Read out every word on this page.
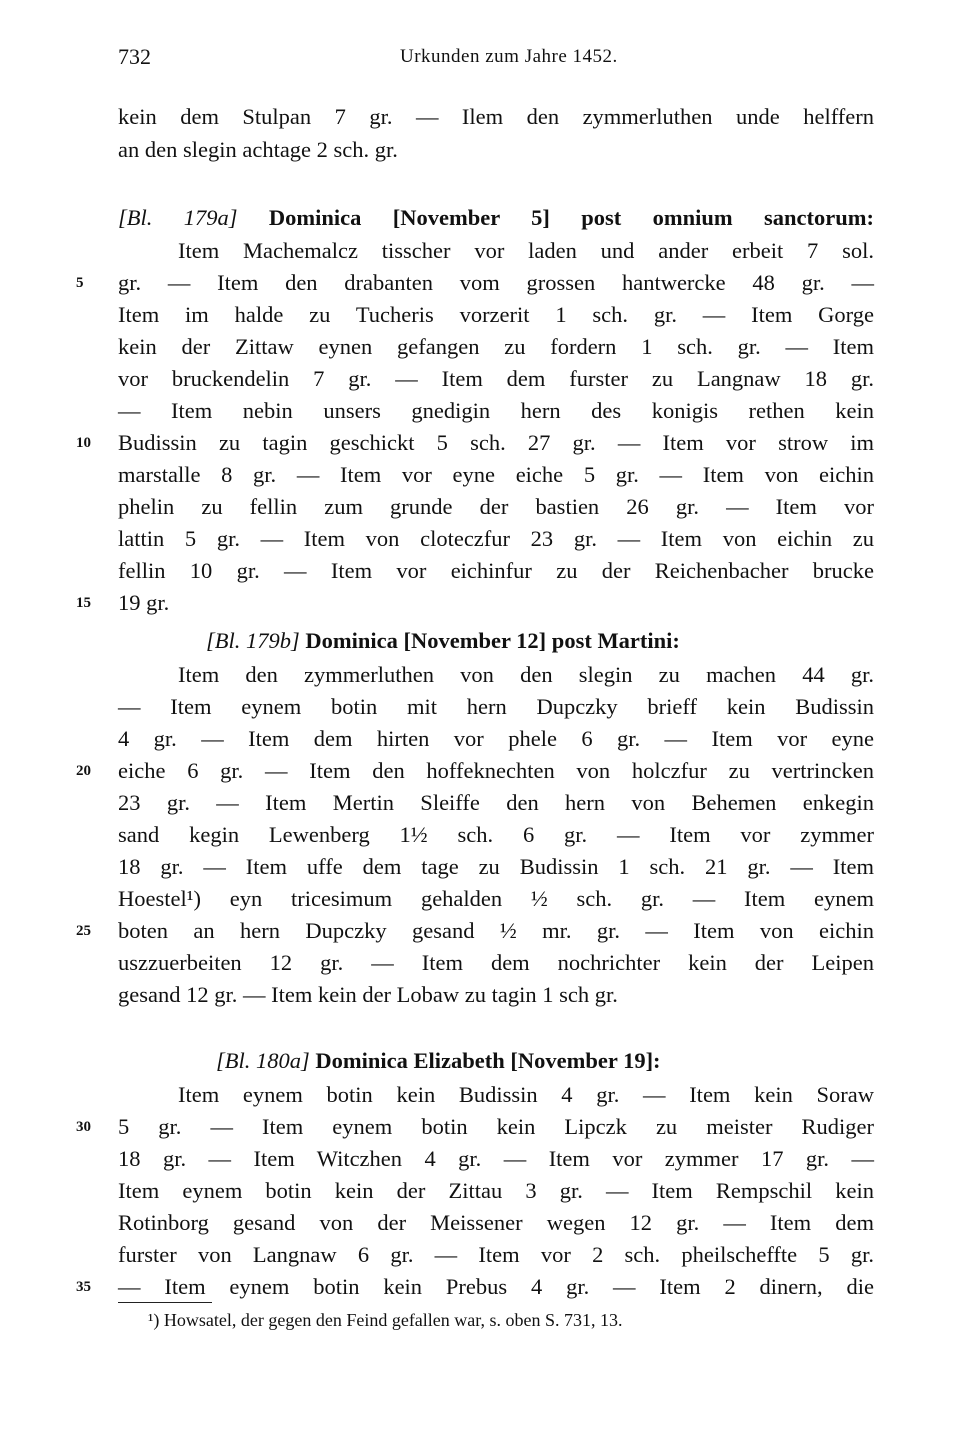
732	Urkunden zum Jahre 1452.
kein dem Stulpan 7 gr. — Ilem den zymmerluthen unde helffern
an den slegin achtage 2 sch. gr.
[Bl. 179a] Dominica [November 5] post omnium sanctorum:
Item Machemalcz tisscher vor laden und ander erbeit 7 sol.
gr. — Item den drabanten vom grossen hantwercke 48 gr. —
Item im halde zu Tucheris vorzerit 1 sch. gr. — Item Gorge
kein der Zittaw eynen gefangen zu fordern 1 sch. gr. — Item
vor bruckendelin 7 gr. — Item dem furster zu Langnaw 18 gr.
— Item nebin unsers gnedigin hern des konigis rethen kein
Budissin zu tagin geschickt 5 sch. 27 gr. — Item vor strow im
marstalle 8 gr. — Item vor eyne eiche 5 gr. — Item von eichin
phelin zu fellin zum grunde der bastien 26 gr. — Item vor
lattin 5 gr. — Item von cloteczfur 23 gr. — Item von eichin zu
fellin 10 gr. — Item vor eichinfur zu der Reichenbacher brucke
19 gr.
[Bl. 179b] Dominica [November 12] post Martini:
Item den zymmerluthen von den slegin zu machen 44 gr.
— Item eynem botin mit hern Dupczky brieff kein Budissin
4 gr. — Item dem hirten vor phele 6 gr. — Item vor eyne
eiche 6 gr. — Item den hoffeknechten von holczfur zu vertrincken
23 gr. — Item Mertin Sleiffe den hern von Behemen enkegin
sand kegin Lewenberg 1½ sch. 6 gr. — Item vor zymmer
18 gr. — Item uffe dem tage zu Budissin 1 sch. 21 gr. — Item
Hoestel¹) eyn tricesimum gehalden ½ sch. gr. — Item eynem
boten an hern Dupczky gesand ½ mr. gr. — Item von eichin
uszzuerbeiten 12 gr. — Item dem nochrichter kein der Leipen
gesand 12 gr. — Item kein der Lobaw zu tagin 1 sch gr.
[Bl. 180a] Dominica Elizabeth [November 19]:
Item eynem botin kein Budissin 4 gr. — Item kein Soraw
5 gr. — Item eynem botin kein Lipczk zu meister Rudiger
18 gr. — Item Witczhen 4 gr. — Item vor zymmer 17 gr. —
Item eynem botin kein der Zittau 3 gr. — Item Rempschil kein
Rotinborg gesand von der Meissener wegen 12 gr. — Item dem
furster von Langnaw 6 gr. — Item vor 2 sch. pheilscheffte 5 gr.
— Item eynem botin kein Prebus 4 gr. — Item 2 dinern, die
5
10
15
20
25
30
35
¹) Howsatel, der gegen den Feind gefallen war, s. oben S. 731, 13.
